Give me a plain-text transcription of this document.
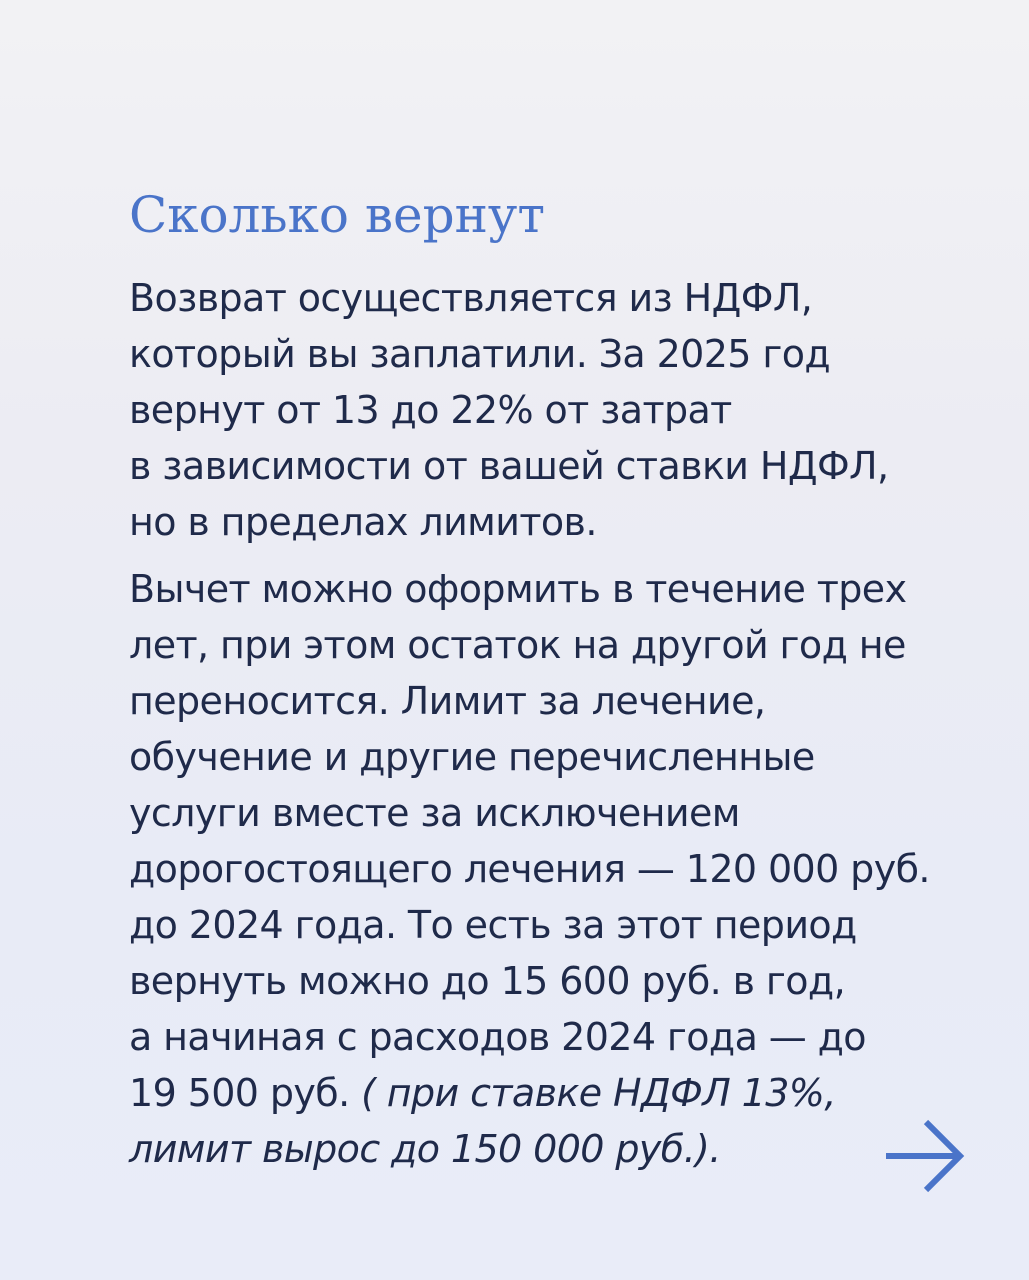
Сколько вернут

Возврат осуществляется из НДФЛ,
который вы заплатили. За 2025 год
вернут от 13 до 22% от затрат
в зависимости от вашей ставки НДФЛ,
но в пределах лимитов.

Вычет можно оформить в течение трех
лет, при этом остаток на другой год не
переносится. Лимит за лечение,
обучение и другие перечисленные
услуги вместе за исключением
дорогостоящего лечения — 120 000 руб.
до 2024 года. То есть за этот период
вернуть можно до 15 600 руб. в год,
а начиная с расходов 2024 года — до
19 500 руб. ( при ставке НДФЛ 13%,
лимит вырос до 150 000 руб.).
